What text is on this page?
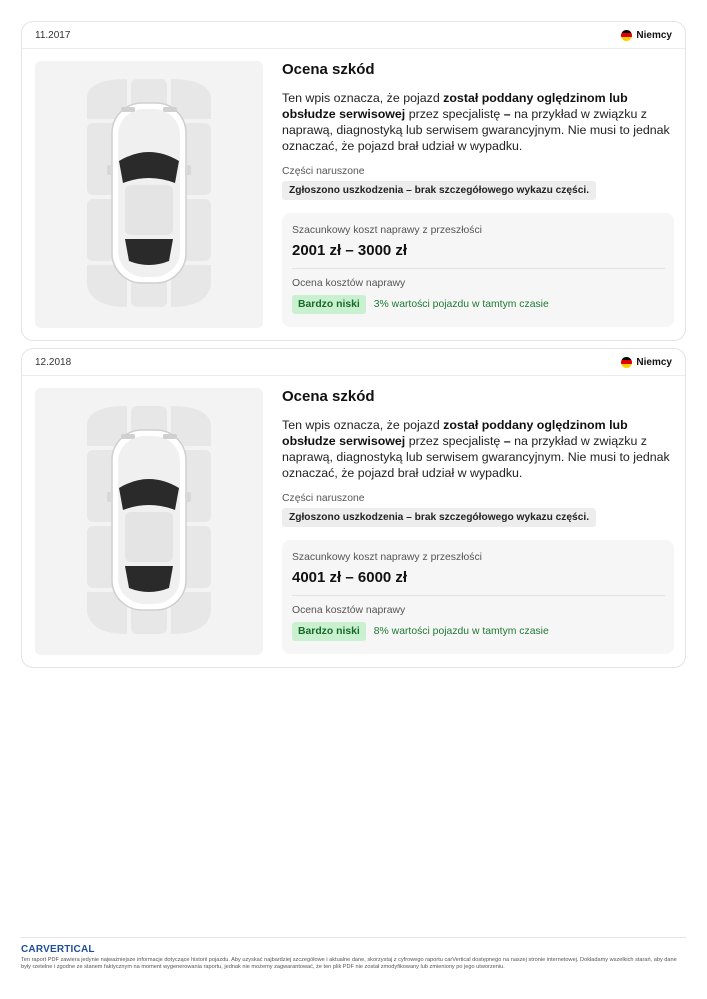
11.2017	Niemcy
Ocena szkód
Ten wpis oznacza, że pojazd został poddany oględzinom lub obsłudze serwisowej przez specjalistę – na przykład w związku z naprawą, diagnostyką lub serwisem gwarancyjnym. Nie musi to jednak oznaczać, że pojazd brał udział w wypadku.
Części naruszone
Zgłoszono uszkodzenia – brak szczegółowego wykazu części.
Szacunkowy koszt naprawy z przeszłości
2001 zł – 3000 zł
Ocena kosztów naprawy
Bardzo niski	3% wartości pojazdu w tamtym czasie
12.2018	Niemcy
Ocena szkód
Ten wpis oznacza, że pojazd został poddany oględzinom lub obsłudze serwisowej przez specjalistę – na przykład w związku z naprawą, diagnostyką lub serwisem gwarancyjnym. Nie musi to jednak oznaczać, że pojazd brał udział w wypadku.
Części naruszone
Zgłoszono uszkodzenia – brak szczegółowego wykazu części.
Szacunkowy koszt naprawy z przeszłości
4001 zł – 6000 zł
Ocena kosztów naprawy
Bardzo niski	8% wartości pojazdu w tamtym czasie
CARVERTICAL
Ten raport PDF zawiera jedynie najważniejsze informacje dotyczące historii pojazdu. Aby uzyskać najbardziej szczegółowe i aktualne dane, skorzystaj z cyfrowego raportu carVertical dostępnego na naszej stronie internetowej. Dokładamy wszelkich starań, aby dane były rzetelne i zgodne ze stanem faktycznym na moment wygenerowania raportu, jednak nie możemy zagwarantować, że ten plik PDF nie został zmodyfikowany lub zmieniony po jego utworzeniu.
